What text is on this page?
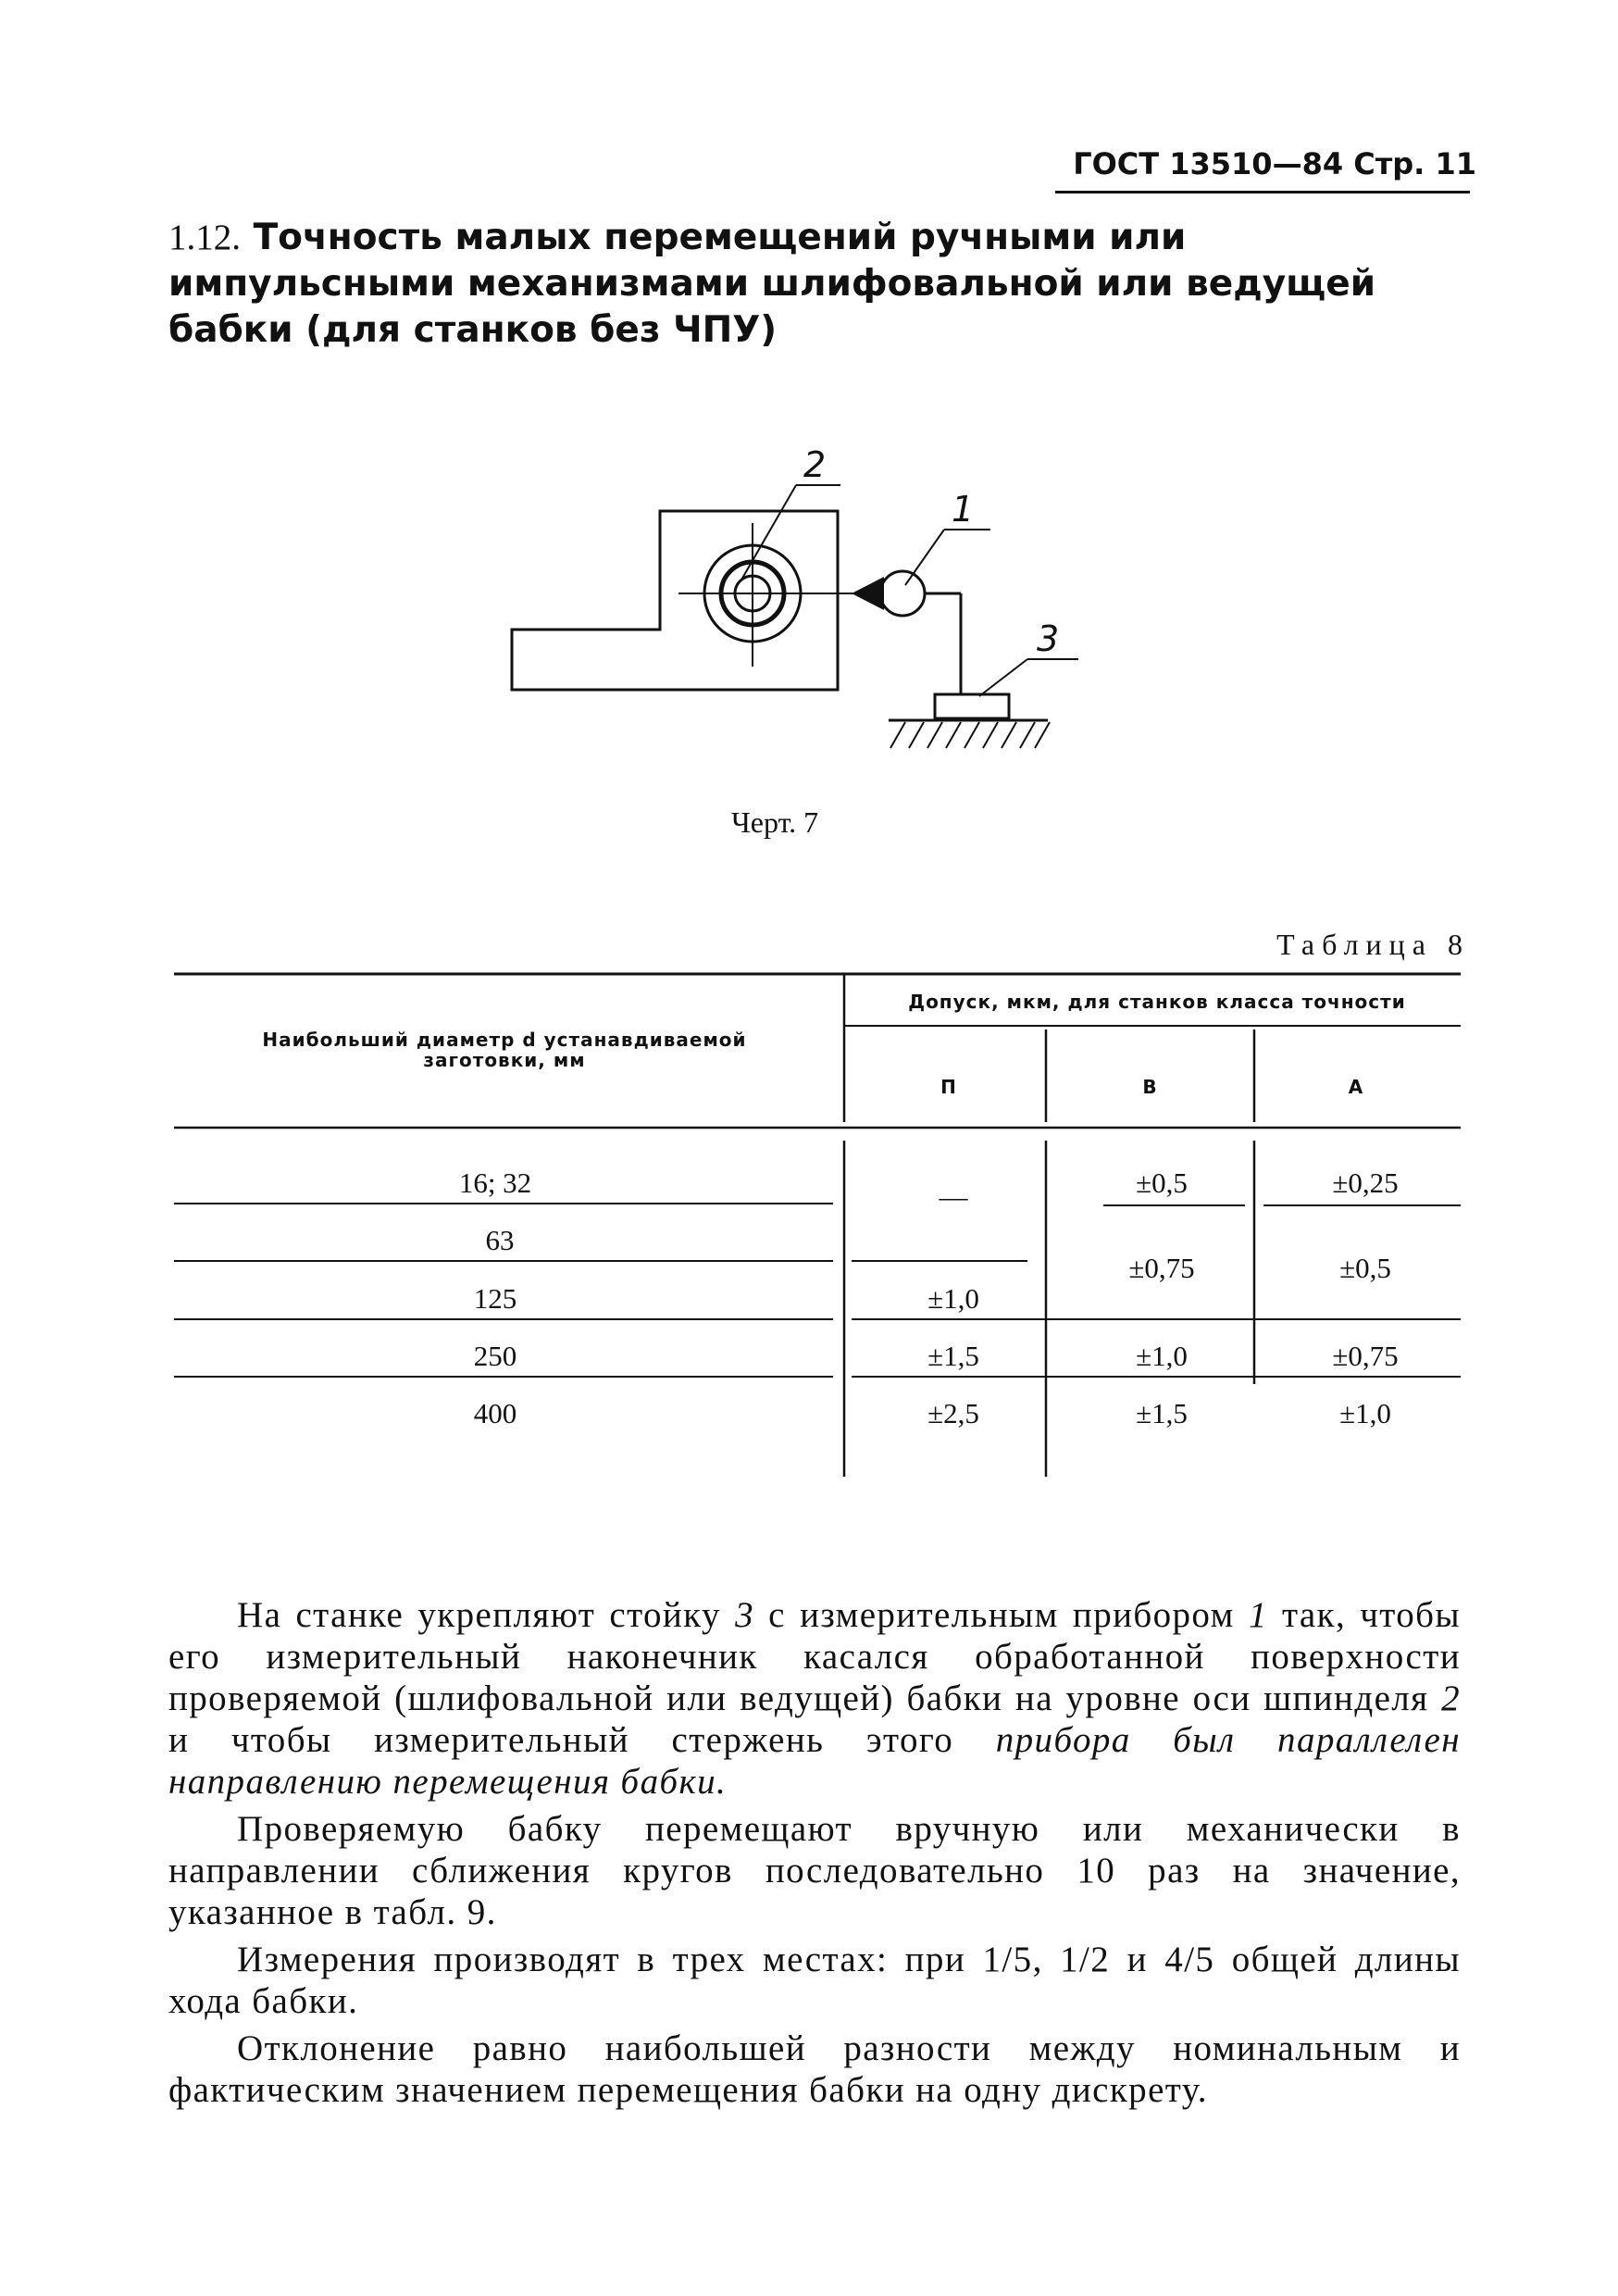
ГОСТ 13510—84 Стр. 11
1.12. Точность малых перемещений ручными или импульсными механизмами шлифовальной или ведущей бабки (для станков без ЧПУ)
2
1
3
Черт. 7
Таблица 8
Наибольший диаметр d устанавдиваемой заготовки, мм
Допуск, мкм, для станков класса точности
П	В	А
16; 32
63
125
250
400
—
±1,0
±1,5
±2,5
±0,5
±0,75
±1,0
±1,5
±0,25
±0,5
±0,75
±1,0

На станке укрепляют стойку 3 с измерительным прибором 1 так, чтобы его измерительный наконечник касался обработанной поверхности проверяемой (шлифовальной или ведущей) бабки на уровне оси шпинделя 2 и чтобы измерительный стержень этого прибора был параллелен направлению перемещения бабки.

Проверяемую бабку перемещают вручную или механически в направлении сближения кругов последовательно 10 раз на значение, указанное в табл. 9.

Измерения производят в трех местах: при 1/5, 1/2 и 4/5 общей длины хода бабки.

Отклонение равно наибольшей разности между номинальным и фактическим значением перемещения бабки на одну дискрету.
